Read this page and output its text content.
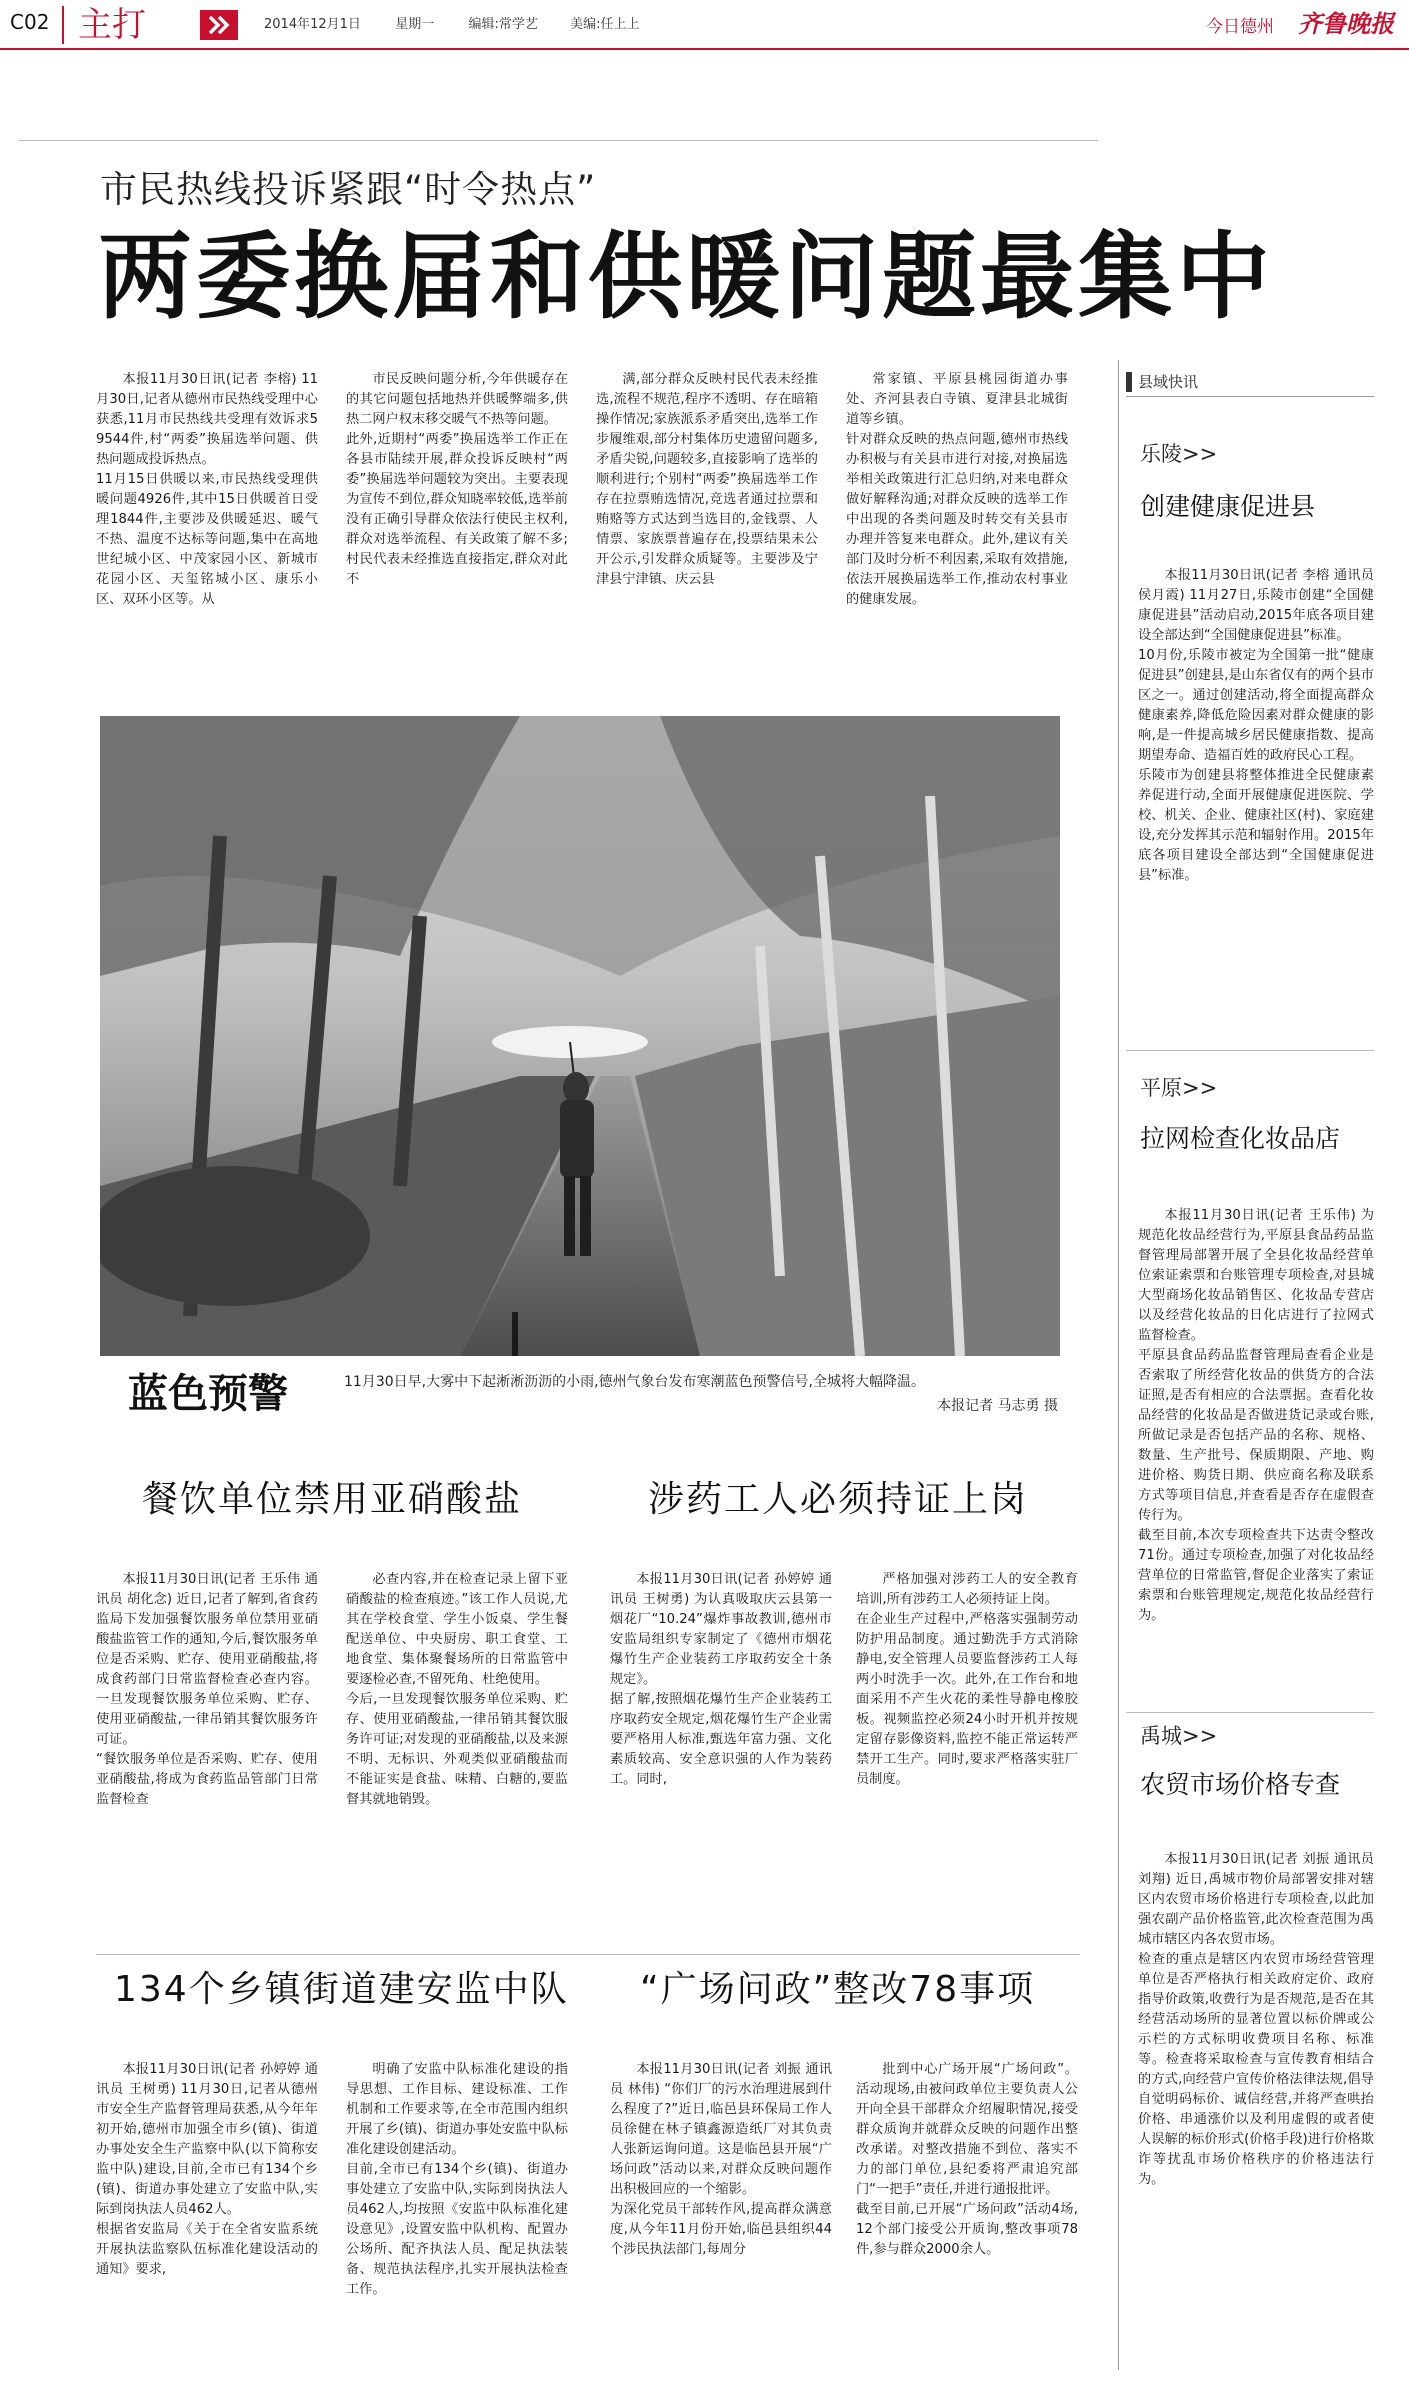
C02 主打	2014年12月1日	星期一	编辑:常学艺 美编:任上上	今日德州 齐鲁晚报
市民热线投诉紧跟“时令热点”
两委换届和供暖问题最集中
本报11月30日讯(记者 李榕) 11月30日,记者从德州市民热线受理中心获悉,11月市民热线共受理有效诉求59544件,村“两委”换届选举问题、供热问题成投诉热点。
11月15日供暖以来,市民热线受理供暖问题4926件,其中15日供暖首日受理1844件,主要涉及供暖延迟、暖气不热、温度不达标等问题,集中在高地世纪城小区、中茂家园小区、新城市花园小区、天玺铭城小区、康乐小区、双环小区等。从
市民反映问题分析,今年供暖存在的其它问题包括地热并供暖弊端多,供热二网户权末移交暖气不热等问题。
此外,近期村“两委”换届选举工作正在各县市陆续开展,群众投诉反映村“两委”换届选举问题较为突出。主要表现为宣传不到位,群众知晓率较低,选举前没有正确引导群众依法行使民主权利,群众对选举流程、有关政策了解不多;村民代表未经推选直接指定,群众对此不
满,部分群众反映村民代表未经推选,流程不规范,程序不透明、存在暗箱操作情况;家族派系矛盾突出,选举工作步履维艰,部分村集体历史遗留问题多,矛盾尖锐,问题较多,直接影响了选举的顺利进行;个别村“两委”换届选举工作存在拉票贿选情况,竞选者通过拉票和贿赂等方式达到当选目的,金钱票、人情票、家族票普遍存在,投票结果未公开公示,引发群众质疑等。主要涉及宁津县宁津镇、庆云县
常家镇、平原县桃园街道办事处、齐河县表白寺镇、夏津县北城街道等乡镇。
针对群众反映的热点问题,德州市热线办积极与有关县市进行对接,对换届选举相关政策进行汇总归纳,对来电群众做好解释沟通;对群众反映的选举工作中出现的各类问题及时转交有关县市办理并答复来电群众。此外,建议有关部门及时分析不利因素,采取有效措施,依法开展换届选举工作,推动农村事业的健康发展。
蓝色预警	11月30日早,大雾中下起淅淅沥沥的小雨,德州气象台发布寒潮蓝色预警信号,全城将大幅降温。
本报记者 马志勇 摄
餐饮单位禁用亚硝酸盐
本报11月30日讯(记者 王乐伟 通讯员 胡化念) 近日,记者了解到,省食药监局下发加强餐饮服务单位禁用亚硝酸盐监管工作的通知,今后,餐饮服务单位是否采购、贮存、使用亚硝酸盐,将成食药部门日常监督检查必查内容。一旦发现餐饮服务单位采购、贮存、使用亚硝酸盐,一律吊销其餐饮服务许可证。
“餐饮服务单位是否采购、贮存、使用亚硝酸盐,将成为食药监品管部门日常监督检查
必查内容,并在检查记录上留下亚硝酸盐的检查痕迹。”该工作人员说,尤其在学校食堂、学生小饭桌、学生餐配送单位、中央厨房、职工食堂、工地食堂、集体聚餐场所的日常监管中要逐检必查,不留死角、杜绝使用。
今后,一旦发现餐饮服务单位采购、贮存、使用亚硝酸盐,一律吊销其餐饮服务许可证;对发现的亚硝酸盐,以及来源不明、无标识、外观类似亚硝酸盐而不能证实是食盐、味精、白糖的,要监督其就地销毁。
涉药工人必须持证上岗
本报11月30日讯(记者 孙婷婷 通讯员 王树勇) 为认真吸取庆云县第一烟花厂“10.24”爆炸事故教训,德州市安监局组织专家制定了《德州市烟花爆竹生产企业装药工序取药安全十条规定》。
据了解,按照烟花爆竹生产企业装药工序取药安全规定,烟花爆竹生产企业需要严格用人标准,甄选年富力强、文化素质较高、安全意识强的人作为装药工。同时,
严格加强对涉药工人的安全教育培训,所有涉药工人必须持证上岗。
在企业生产过程中,严格落实强制劳动防护用品制度。通过勤洗手方式消除静电,安全管理人员要监督涉药工人每两小时洗手一次。此外,在工作台和地面采用不产生火花的柔性导静电橡胶板。视频监控必须24小时开机并按规定留存影像资料,监控不能正常运转严禁开工生产。同时,要求严格落实驻厂员制度。
134个乡镇街道建安监中队
本报11月30日讯(记者 孙婷婷 通讯员 王树勇) 11月30日,记者从德州市安全生产监督管理局获悉,从今年年初开始,德州市加强全市乡(镇)、街道办事处安全生产监察中队(以下简称安监中队)建设,目前,全市已有134个乡(镇)、街道办事处建立了安监中队,实际到岗执法人员462人。
根据省安监局《关于在全省安监系统开展执法监察队伍标准化建设活动的通知》要求,
明确了安监中队标准化建设的指导思想、工作目标、建设标准、工作机制和工作要求等,在全市范围内组织开展了乡(镇)、街道办事处安监中队标准化建设创建活动。
目前,全市已有134个乡(镇)、街道办事处建立了安监中队,实际到岗执法人员462人,均按照《安监中队标准化建设意见》,设置安监中队机构、配置办公场所、配齐执法人员、配足执法装备、规范执法程序,扎实开展执法检查工作。
“广场问政”整改78事项
本报11月30日讯(记者 刘振 通讯员 林伟) “你们厂的污水治理进展到什么程度了?”近日,临邑县环保局工作人员徐健在林子镇鑫源造纸厂对其负责人张新运询问道。这是临邑县开展“广场问政”活动以来,对群众反映问题作出积极回应的一个缩影。
为深化党员干部转作风,提高群众满意度,从今年11月份开始,临邑县组织44个涉民执法部门,每周分
批到中心广场开展“广场问政”。活动现场,由被问政单位主要负责人公开向全县干部群众介绍履职情况,接受群众质询并就群众反映的问题作出整改承诺。对整改措施不到位、落实不力的部门单位,县纪委将严肃追究部门“一把手”责任,并进行通报批评。
截至目前,已开展“广场问政”活动4场,12个部门接受公开质询,整改事项78件,参与群众2000余人。
县域快讯
乐陵>>
创建健康促进县
本报11月30日讯(记者 李榕 通讯员 侯月霞) 11月27日,乐陵市创建“全国健康促进县”活动启动,2015年底各项目建设全部达到“全国健康促进县”标准。
10月份,乐陵市被定为全国第一批“健康促进县”创建县,是山东省仅有的两个县市区之一。通过创建活动,将全面提高群众健康素养,降低危险因素对群众健康的影响,是一件提高城乡居民健康指数、提高期望寿命、造福百姓的政府民心工程。
乐陵市为创建县将整体推进全民健康素养促进行动,全面开展健康促进医院、学校、机关、企业、健康社区(村)、家庭建设,充分发挥其示范和辐射作用。2015年底各项目建设全部达到“全国健康促进县”标准。
平原>>
拉网检查化妆品店
本报11月30日讯(记者 王乐伟) 为规范化妆品经营行为,平原县食品药品监督管理局部署开展了全县化妆品经营单位索证索票和台账管理专项检查,对县城大型商场化妆品销售区、化妆品专营店以及经营化妆品的日化店进行了拉网式监督检查。
平原县食品药品监督管理局查看企业是否索取了所经营化妆品的供货方的合法证照,是否有相应的合法票据。查看化妆品经营的化妆品是否做进货记录或台账,所做记录是否包括产品的名称、规格、数量、生产批号、保质期限、产地、购进价格、购货日期、供应商名称及联系方式等项目信息,并查看是否存在虚假查传行为。
截至目前,本次专项检查共下达责令整改71份。通过专项检查,加强了对化妆品经营单位的日常监管,督促企业落实了索证索票和台账管理规定,规范化妆品经营行为。
禹城>>
农贸市场价格专查
本报11月30日讯(记者 刘振 通讯员 刘翔) 近日,禹城市物价局部署安排对辖区内农贸市场价格进行专项检查,以此加强农副产品价格监管,此次检查范围为禹城市辖区内各农贸市场。
检查的重点是辖区内农贸市场经营管理单位是否严格执行相关政府定价、政府指导价政策,收费行为是否规范,是否在其经营活动场所的显著位置以标价牌或公示栏的方式标明收费项目名称、标准等。检查将采取检查与宣传教育相结合的方式,向经营户宣传价格法律法规,倡导自觉明码标价、诚信经营,并将严查哄抬价格、串通涨价以及利用虚假的或者使人误解的标价形式(价格手段)进行价格欺诈等扰乱市场价格秩序的价格违法行为。
